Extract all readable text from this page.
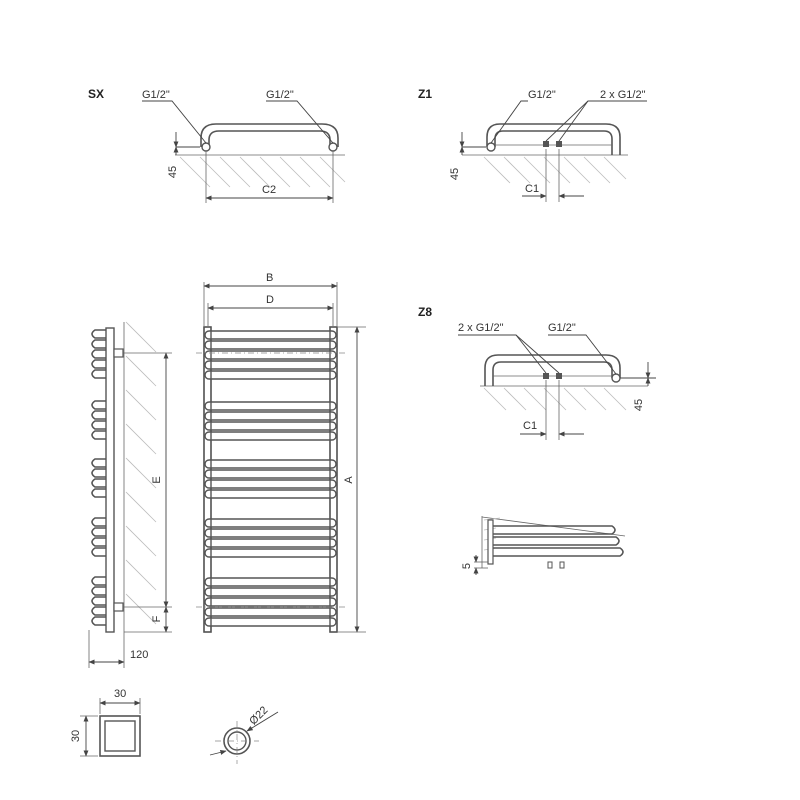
SX	G1/2"	G1/2"
45
C2
Z1	G1/2"	2 x G1/2"
45
C1
E
F
120
B
D
A
Z8
2 x G1/2"	G1/2"
45
C1
5
30
30
Ø22
